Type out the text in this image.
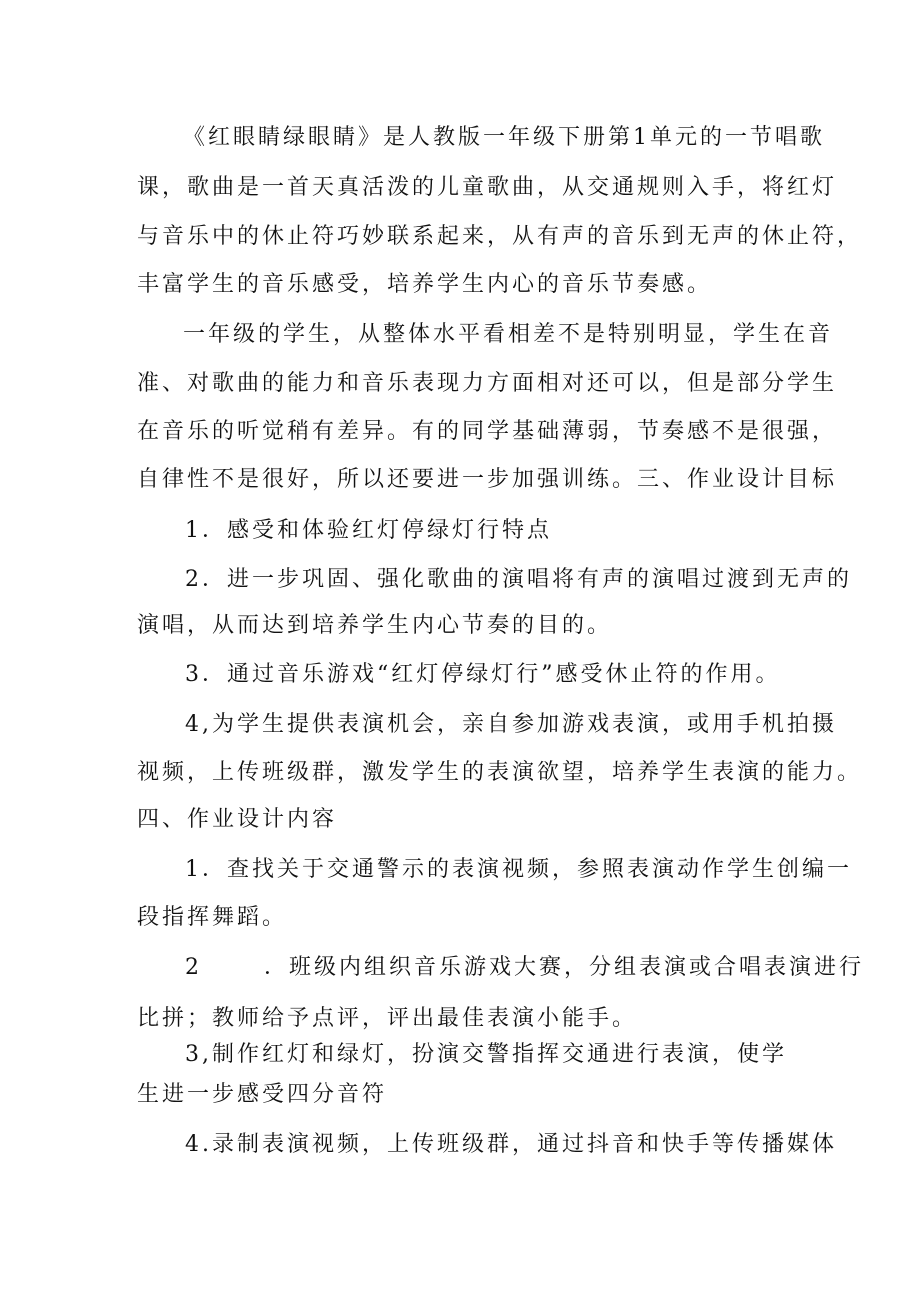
《红眼睛绿眼睛》是人教版一年级下册第1单元的一节唱歌

课，歌曲是一首天真活泼的儿童歌曲，从交通规则入手，将红灯

与音乐中的休止符巧妙联系起来，从有声的音乐到无声的休止符，

丰富学生的音乐感受，培养学生内心的音乐节奏感。

一年级的学生，从整体水平看相差不是特别明显，学生在音

准、对歌曲的能力和音乐表现力方面相对还可以，但是部分学生

在音乐的听觉稍有差异。有的同学基础薄弱，节奏感不是很强，

自律性不是很好，所以还要进一步加强训练。三、作业设计目标

1．感受和体验红灯停绿灯行特点

2．进一步巩固、强化歌曲的演唱将有声的演唱过渡到无声的

演唱，从而达到培养学生内心节奏的目的。

3．通过音乐游戏“红灯停绿灯行”感受休止符的作用。

4,为学生提供表演机会，亲自参加游戏表演，或用手机拍摄

视频，上传班级群，激发学生的表演欲望，培养学生表演的能力。

四、作业设计内容

1．查找关于交通警示的表演视频，参照表演动作学生创编一

段指挥舞蹈。

2	．班级内组织音乐游戏大赛，分组表演或合唱表演进行

比拼；教师给予点评，评出最佳表演小能手。

3,制作红灯和绿灯，扮演交警指挥交通进行表演，使学

生进一步感受四分音符

4.录制表演视频，上传班级群，通过抖音和快手等传播媒体
